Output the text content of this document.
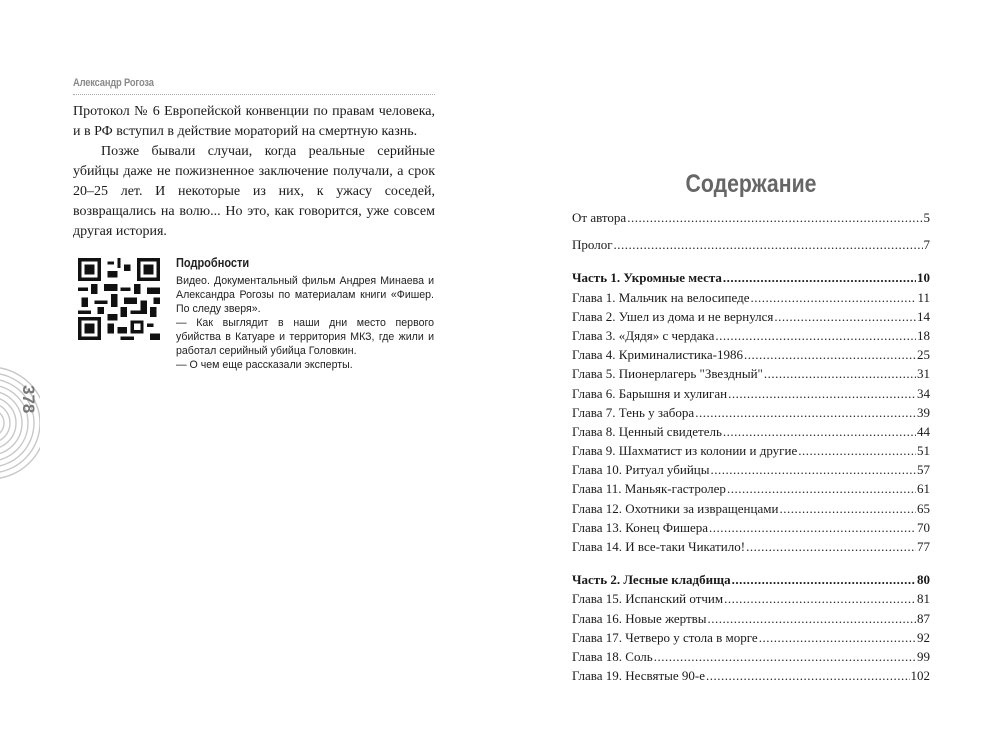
Александр Рогоза

Протокол № 6 Европейской конвенции по правам человека, и в РФ вступил в действие мораторий на смертную казнь.

Позже бывали случаи, когда реальные серийные убийцы даже не пожизненное заключение получали, а срок 20–25 лет. И некоторые из них, к ужасу соседей, возвращались на волю... Но это, как говорится, уже совсем другая история.

Подробности

Видео. Документальный фильм Андрея Минаева и Александра Рогозы по материалам книги «Фишер. По следу зверя».

— Как выглядит в наши дни место первого убийства в Катуаре и территория МКЗ, где жили и работал серийный убийца Головкин.

— О чем еще рассказали эксперты.

378
Содержание
От автора .....	5
Пролог .....	7
Часть 1. Укромные места .....	10
Глава 1. Мальчик на велосипеде .....	11
Глава 2. Ушел из дома и не вернулся .....	14
Глава 3. «Дядя» с чердака .....	18
Глава 4. Криминалистика-1986 .....	25
Глава 5. Пионерлагерь "Звездный" .....	31
Глава 6. Барышня и хулиган .....	34
Глава 7. Тень у забора .....	39
Глава 8. Ценный свидетель .....	44
Глава 9. Шахматист из колонии и другие .....	51
Глава 10. Ритуал убийцы .....	57
Глава 11. Маньяк-гастролер .....	61
Глава 12. Охотники за извращенцами .....	65
Глава 13. Конец Фишера .....	70
Глава 14. И все-таки Чикатило! .....	77
Часть 2. Лесные кладбища .....	80
Глава 15. Испанский отчим .....	81
Глава 16. Новые жертвы .....	87
Глава 17. Четверо у стола в морге .....	92
Глава 18. Соль .....	99
Глава 19. Несвятые 90-е .....	102
